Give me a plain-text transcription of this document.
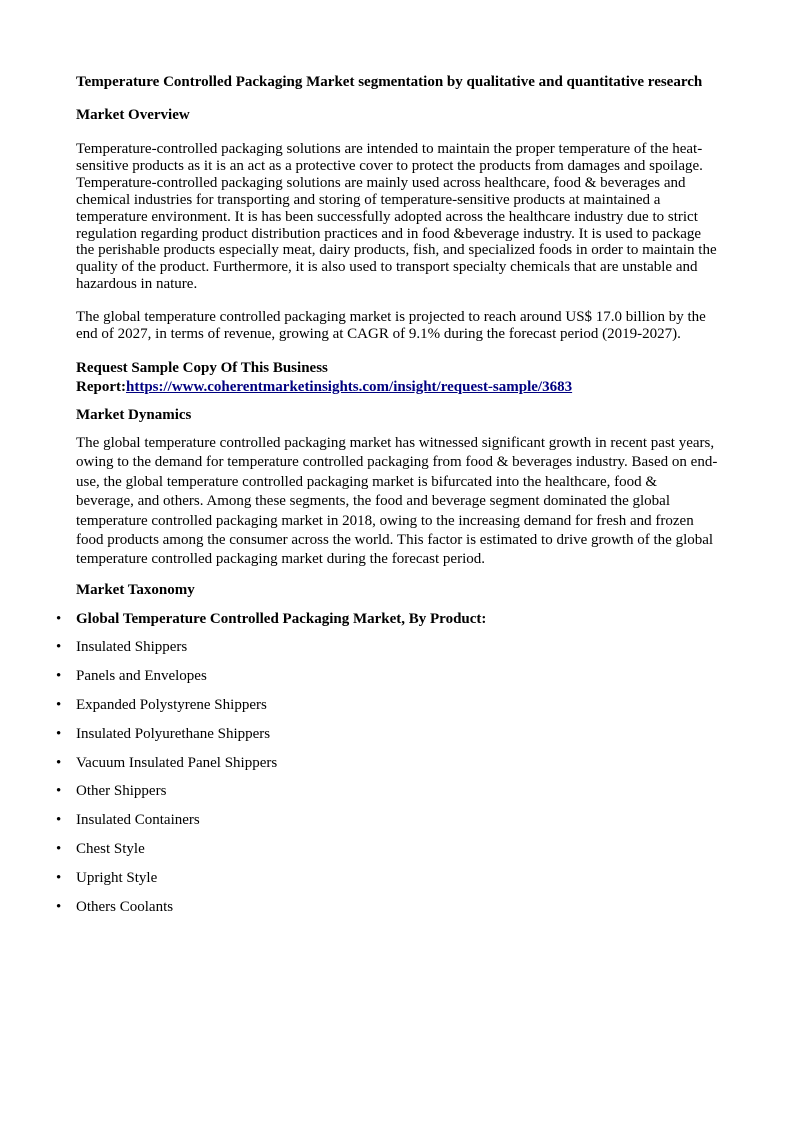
Temperature Controlled Packaging Market segmentation by qualitative and quantitative research
Market Overview

Temperature-controlled packaging solutions are intended to maintain the proper temperature of the heat-sensitive products as it is an act as a protective cover to protect the products from damages and spoilage. Temperature-controlled packaging solutions are mainly used across healthcare, food & beverages and chemical industries for transporting and storing of temperature-sensitive products at maintained a temperature environment. It is has been successfully adopted across the healthcare industry due to strict regulation regarding product distribution practices and in food &beverage industry. It is used to package the perishable products especially meat, dairy products, fish, and specialized foods in order to maintain the quality of the product. Furthermore, it is also used to transport specialty chemicals that are unstable and hazardous in nature.

The global temperature controlled packaging market is projected to reach around US$ 17.0 billion by the end of 2027, in terms of revenue, growing at CAGR of 9.1% during the forecast period (2019-2027).

Request Sample Copy Of This Business Report:https://www.coherentmarketinsights.com/insight/request-sample/3683

Market Dynamics

The global temperature controlled packaging market has witnessed significant growth in recent past years, owing to the demand for temperature controlled packaging from food & beverages industry. Based on end-use, the global temperature controlled packaging market is bifurcated into the healthcare, food & beverage, and others. Among these segments, the food and beverage segment dominated the global temperature controlled packaging market in 2018, owing to the increasing demand for fresh and frozen food products among the consumer across the world. This factor is estimated to drive growth of the global temperature controlled packaging market during the forecast period.

Market Taxonomy
• Global Temperature Controlled Packaging Market, By Product:
• Insulated Shippers
• Panels and Envelopes
• Expanded Polystyrene Shippers
• Insulated Polyurethane Shippers
• Vacuum Insulated Panel Shippers
• Other Shippers
• Insulated Containers
• Chest Style
• Upright Style
• Others Coolants
